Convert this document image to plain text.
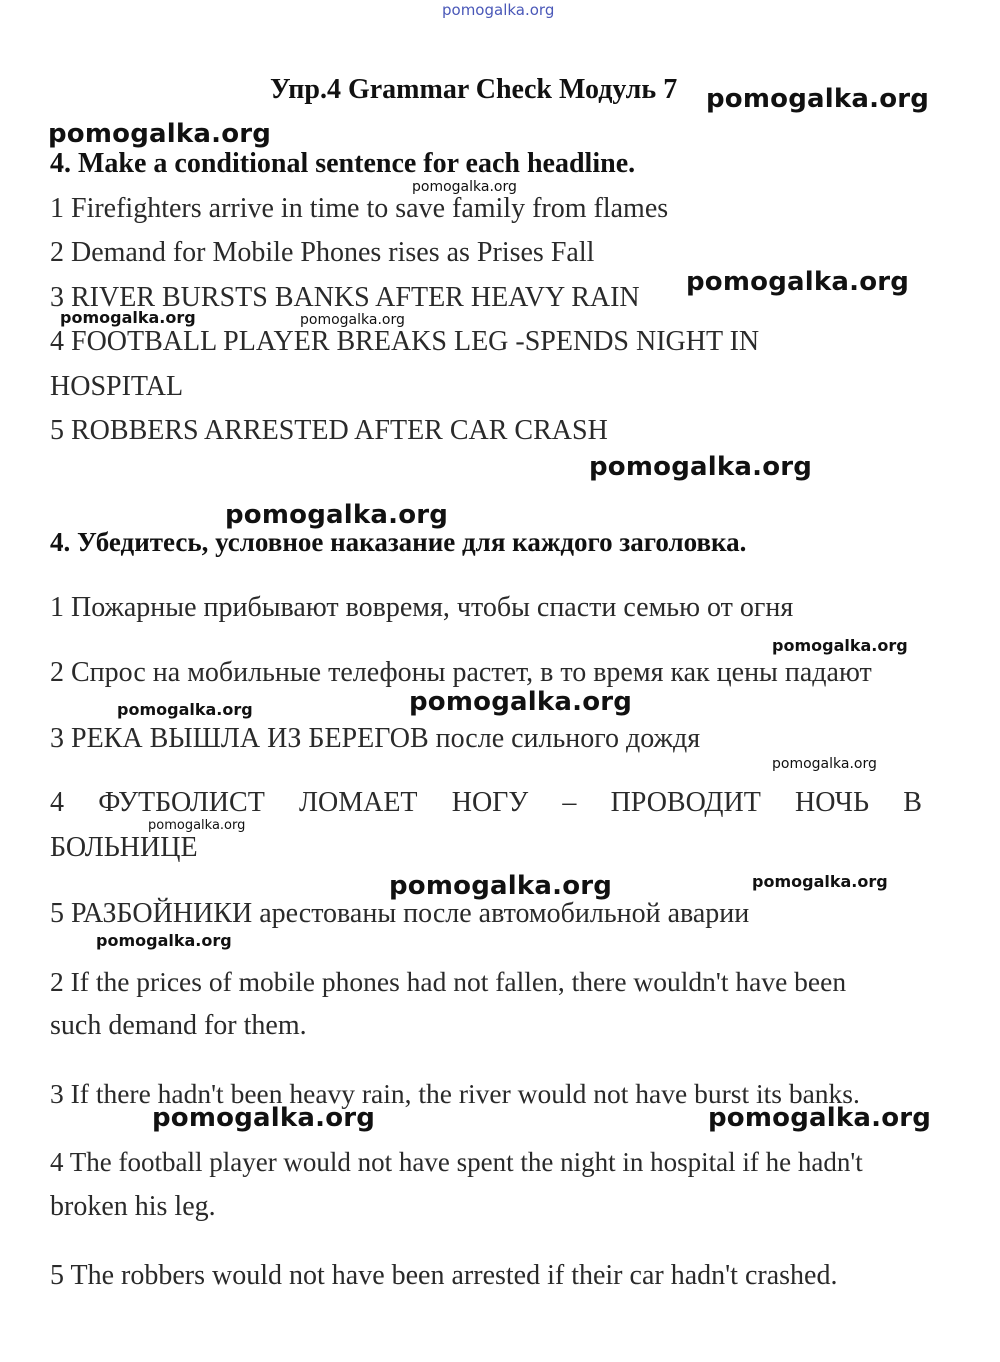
pomogalka.org
Упр.4 Grammar Check Модуль 7
4. Make a conditional sentence for each headline.
1 Firefighters arrive in time to save family from flames
2 Demand for Mobile Phones rises as Prises Fall
3 RIVER BURSTS BANKS AFTER HEAVY RAIN
4 FOOTBALL PLAYER BREAKS LEG -SPENDS NIGHT IN
HOSPITAL
5 ROBBERS ARRESTED AFTER CAR CRASH
4. Убедитесь, условное наказание для каждого заголовка.
1 Пожарные прибывают вовремя, чтобы спасти семью от огня
2 Спрос на мобильные телефоны растет, в то время как цены падают
3 РЕКА ВЫШЛА ИЗ БЕРЕГОВ после сильного дождя
4 ФУТБОЛИСТ ЛОМАЕТ НОГУ – ПРОВОДИТ НОЧЬ В
БОЛЬНИЦЕ
5 РАЗБОЙНИКИ арестованы после автомобильной аварии
2 If the prices of mobile phones had not fallen, there wouldn't have been
such demand for them.
3 If there hadn't been heavy rain, the river would not have burst its banks.
4 The football player would not have spent the night in hospital if he hadn't
broken his leg.
5 The robbers would not have been arrested if their car hadn't crashed.
pomogalka.org
pomogalka.org
pomogalka.org
pomogalka.org
pomogalka.org	pomogalka.org
pomogalka.org
pomogalka.org
pomogalka.org
pomogalka.org
pomogalka.org
pomogalka.org
pomogalka.org
pomogalka.org	pomogalka.org
pomogalka.org
pomogalka.org	pomogalka.org
